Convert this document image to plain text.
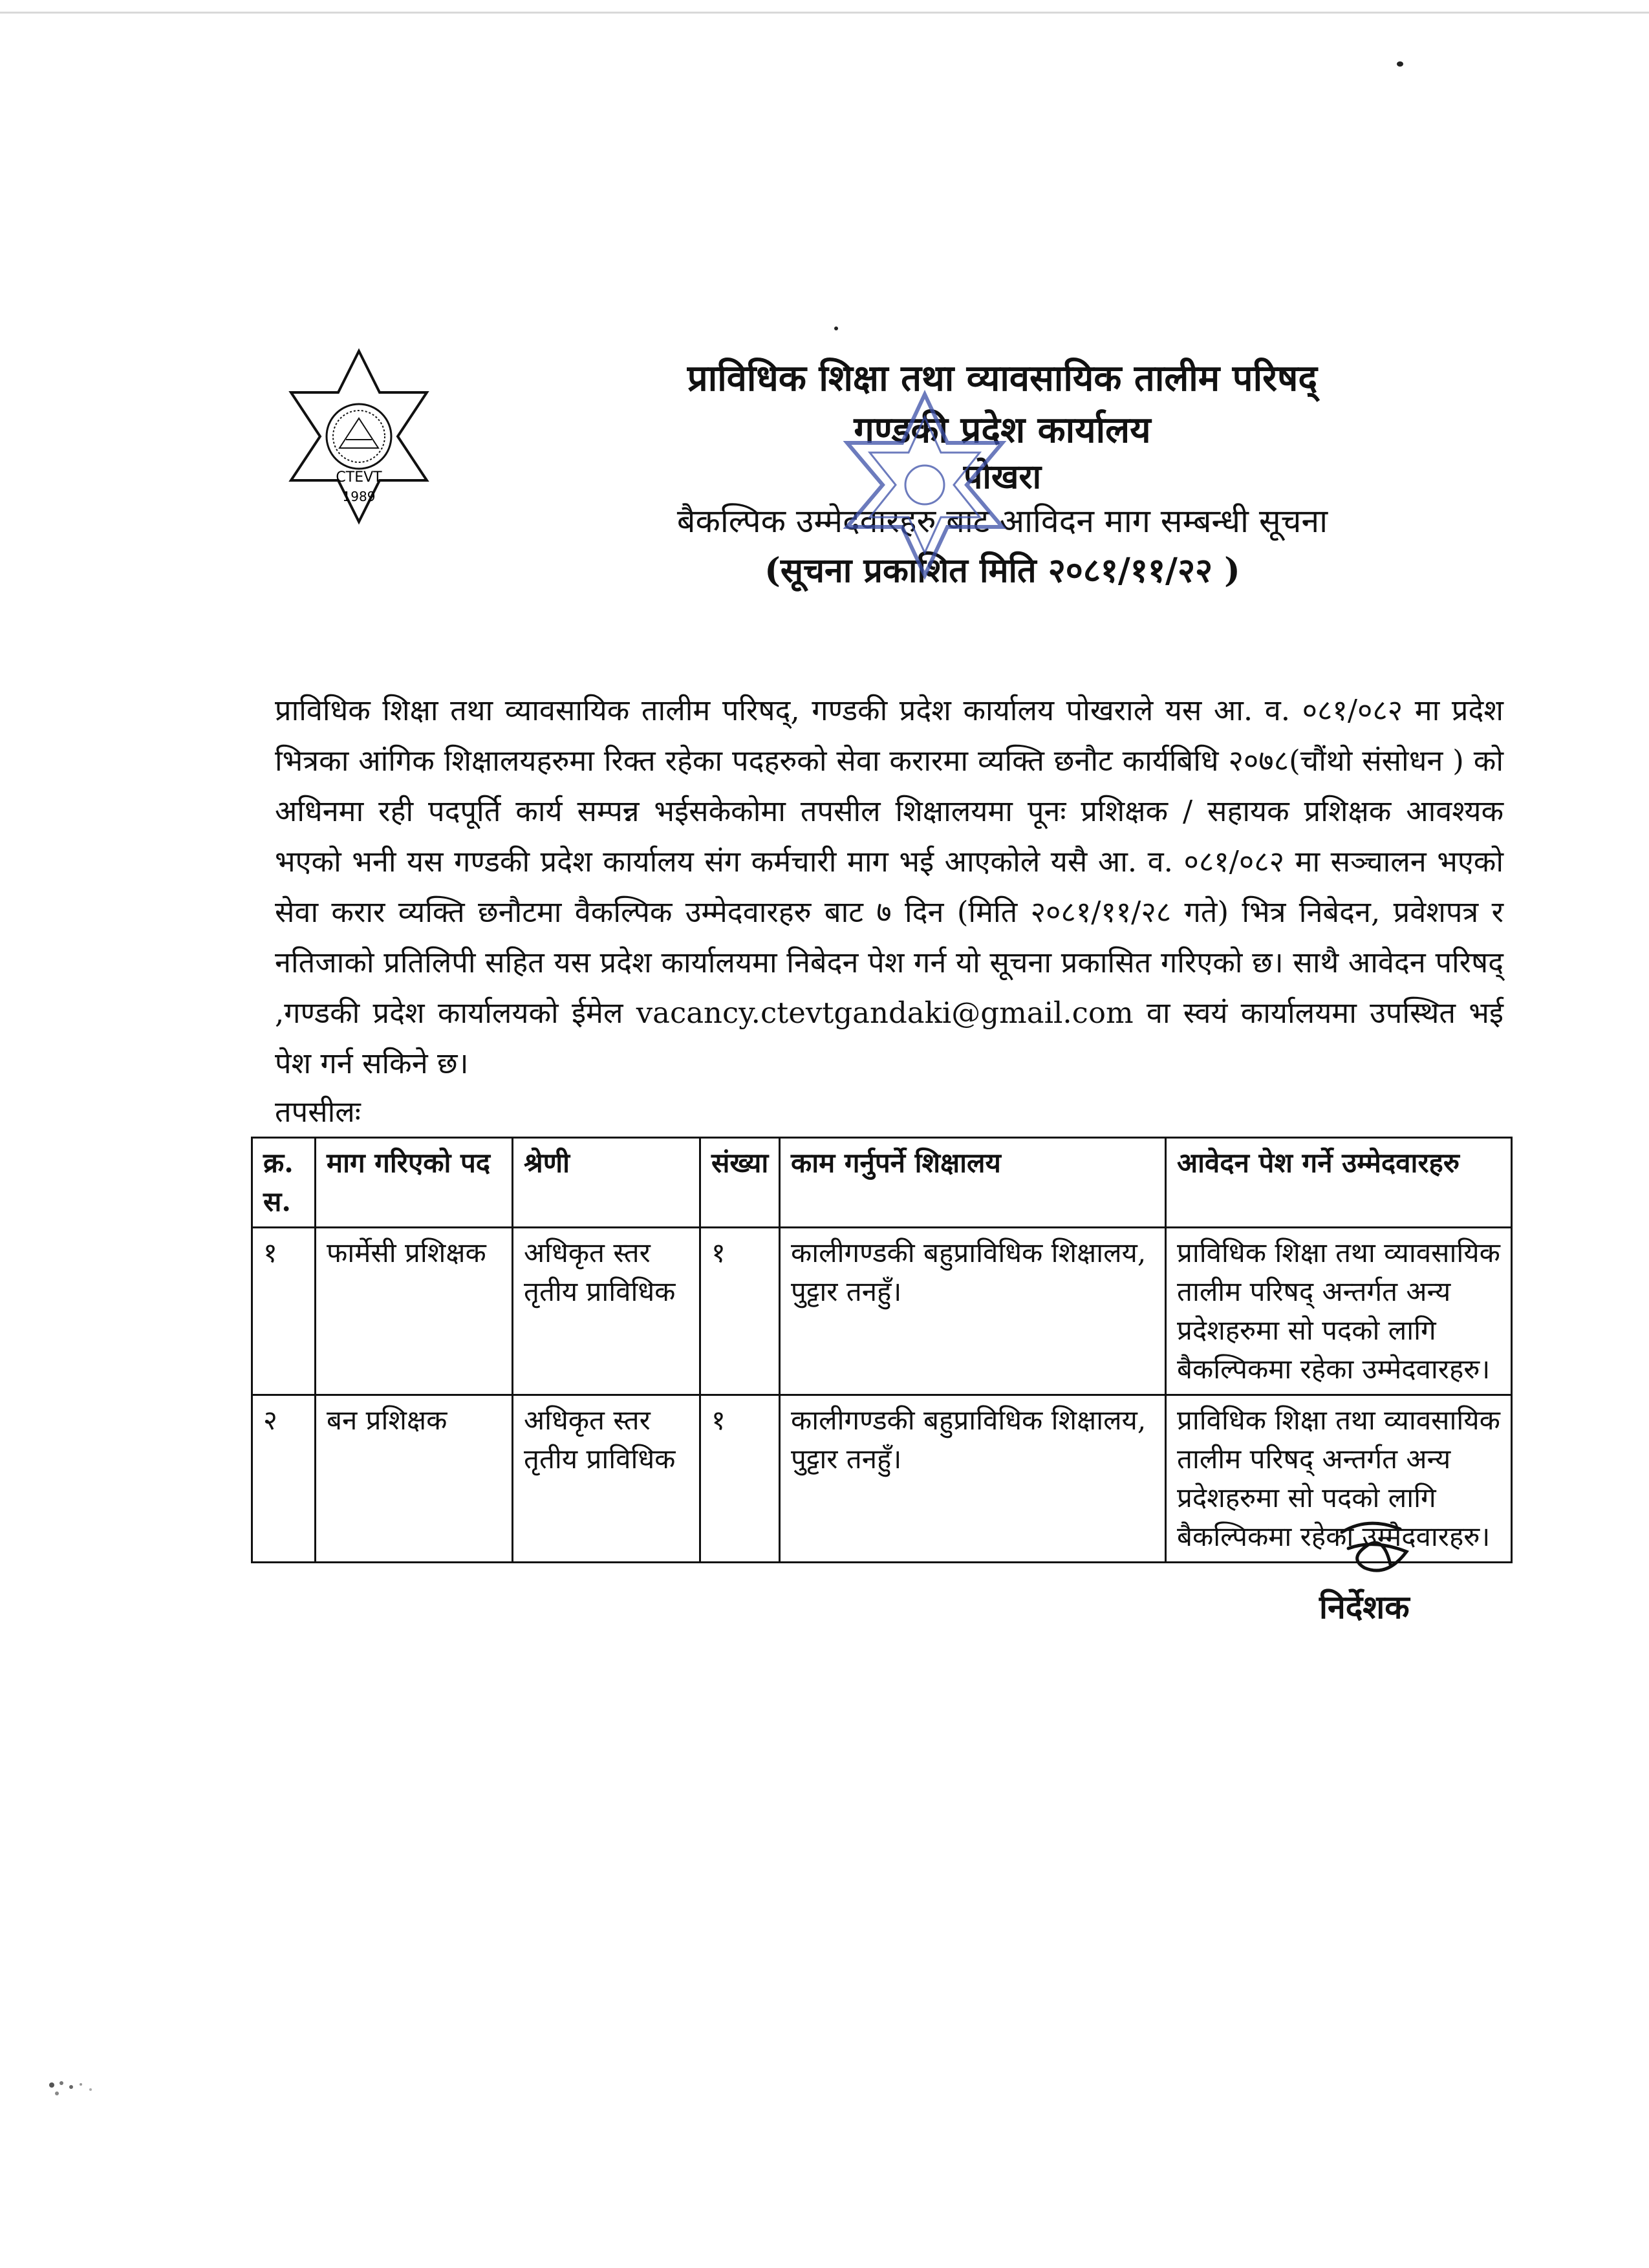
CTEVT
1989
प्राविधिक शिक्षा तथा व्यावसायिक तालीम परिषद्
गण्डकी प्रदेश कार्यालय
पोखरा
बैकल्पिक उम्मेदवारहरु बाट आविदन माग सम्बन्धी सूचना
(सूचना प्रकाशित मिति २०८१/११/२२ )

प्राविधिक शिक्षा तथा व्यावसायिक तालीम परिषद्, गण्डकी प्रदेश कार्यालय पोखराले यस आ. व. ०८१/०८२ मा प्रदेश भित्रका आंगिक शिक्षालयहरुमा रिक्त रहेका पदहरुको सेवा करारमा व्यक्ति छनौट कार्यबिधि २०७८(चौंथो संसोधन ) को अधिनमा रही पदपूर्ति कार्य सम्पन्न भईसकेकोमा तपसील शिक्षालयमा पूनः प्रशिक्षक / सहायक प्रशिक्षक आवश्यक भएको भनी यस गण्डकी प्रदेश कार्यालय संग कर्मचारी माग भई आएकोले यसै आ. व. ०८१/०८२ मा सञ्चालन भएको सेवा करार व्यक्ति छनौटमा वैकल्पिक उम्मेदवारहरु बाट ७ दिन (मिति २०८१/११/२८ गते) भित्र निबेदन, प्रवेशपत्र र नतिजाको प्रतिलिपी सहित यस प्रदेश कार्यालयमा निबेदन पेश गर्न यो सूचना प्रकासित गरिएको छ। साथै आवेदन परिषद् ,गण्डकी प्रदेश कार्यालयको ईमेल vacancy.ctevtgandaki@gmail.com वा स्वयं कार्यालयमा उपस्थित भई पेश गर्न सकिने छ।

तपसीलः
क्र. स.	माग गरिएको पद	श्रेणी	संख्या	काम गर्नुपर्ने शिक्षालय	आवेदन पेश गर्ने उम्मेदवारहरु
१	फार्मेसी प्रशिक्षक	अधिकृत स्तर तृतीय प्राविधिक	१	कालीगण्डकी बहुप्राविधिक शिक्षालय, पुट्टार तनहुँ।	प्राविधिक शिक्षा तथा व्यावसायिक तालीम परिषद् अन्तर्गत अन्य प्रदेशहरुमा सो पदको लागि बैकल्पिकमा रहेका उम्मेदवारहरु।
२	बन प्रशिक्षक	अधिकृत स्तर तृतीय प्राविधिक	१	कालीगण्डकी बहुप्राविधिक शिक्षालय, पुट्टार तनहुँ।	प्राविधिक शिक्षा तथा व्यावसायिक तालीम परिषद् अन्तर्गत अन्य प्रदेशहरुमा सो पदको लागि बैकल्पिकमा रहेका उम्मेदवारहरु।
निर्देशक
